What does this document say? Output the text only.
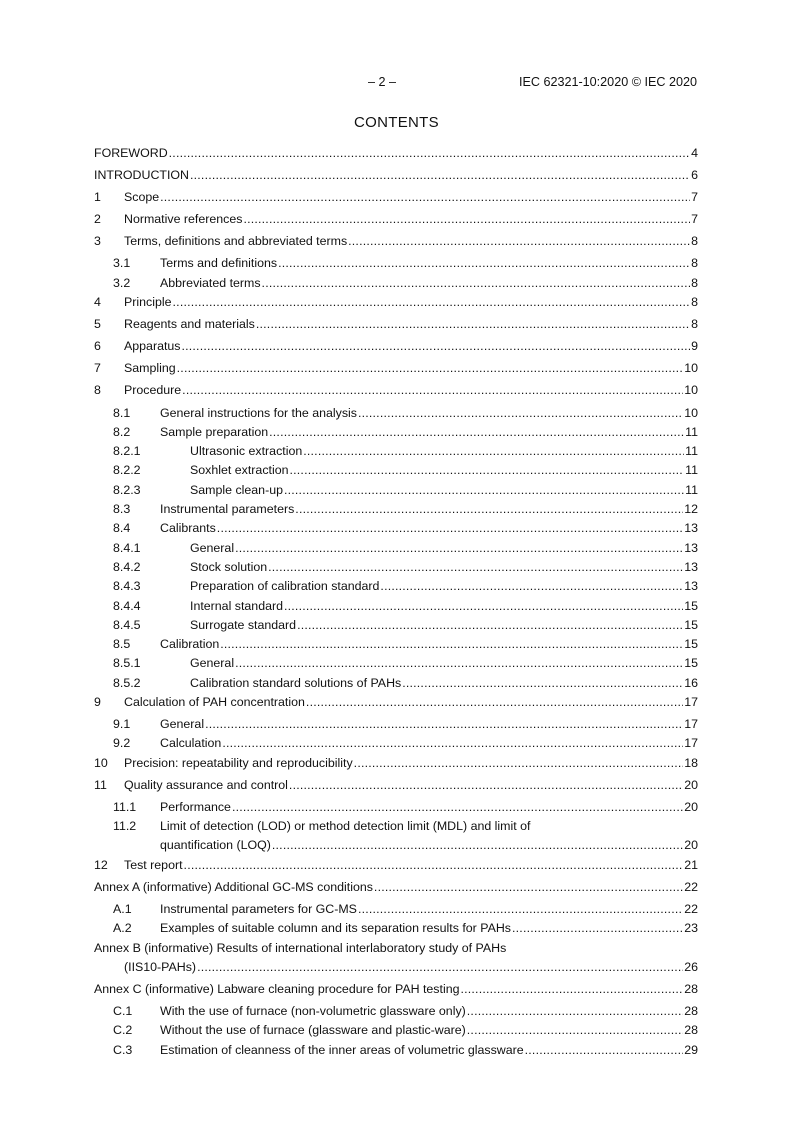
– 2 –	IEC 62321-10:2020 © IEC 2020
CONTENTS
FOREWORD .....	4
INTRODUCTION .....	6
1	Scope .....	7
2	Normative references .....	7
3	Terms, definitions and abbreviated terms .....	8
3.1	Terms and definitions .....	8
3.2	Abbreviated terms .....	8
4	Principle .....	8
5	Reagents and materials .....	8
6	Apparatus .....	9
7	Sampling .....	10
8	Procedure .....	10
8.1	General instructions for the analysis .....	10
8.2	Sample preparation .....	11
8.2.1	Ultrasonic extraction .....	11
8.2.2	Soxhlet extraction .....	11
8.2.3	Sample clean-up .....	11
8.3	Instrumental parameters .....	12
8.4	Calibrants .....	13
8.4.1	General .....	13
8.4.2	Stock solution .....	13
8.4.3	Preparation of calibration standard .....	13
8.4.4	Internal standard .....	15
8.4.5	Surrogate standard .....	15
8.5	Calibration .....	15
8.5.1	General .....	15
8.5.2	Calibration standard solutions of PAHs .....	16
9	Calculation of PAH concentration .....	17
9.1	General .....	17
9.2	Calculation .....	17
10	Precision: repeatability and reproducibility .....	18
11	Quality assurance and control .....	20
11.1	Performance .....	20
11.2	Limit of detection (LOD) or method detection limit (MDL) and limit of
quantification (LOQ) .....	20
12	Test report .....	21
Annex A (informative) Additional GC-MS conditions .....	22
A.1	Instrumental parameters for GC-MS .....	22
A.2	Examples of suitable column and its separation results for PAHs .....	23
Annex B (informative) Results of international interlaboratory study of PAHs
(IIS10-PAHs) .....	26
Annex C (informative) Labware cleaning procedure for PAH testing .....	28
C.1	With the use of furnace (non-volumetric glassware only) .....	28
C.2	Without the use of furnace (glassware and plastic-ware) .....	28
C.3	Estimation of cleanness of the inner areas of volumetric glassware .....	29
